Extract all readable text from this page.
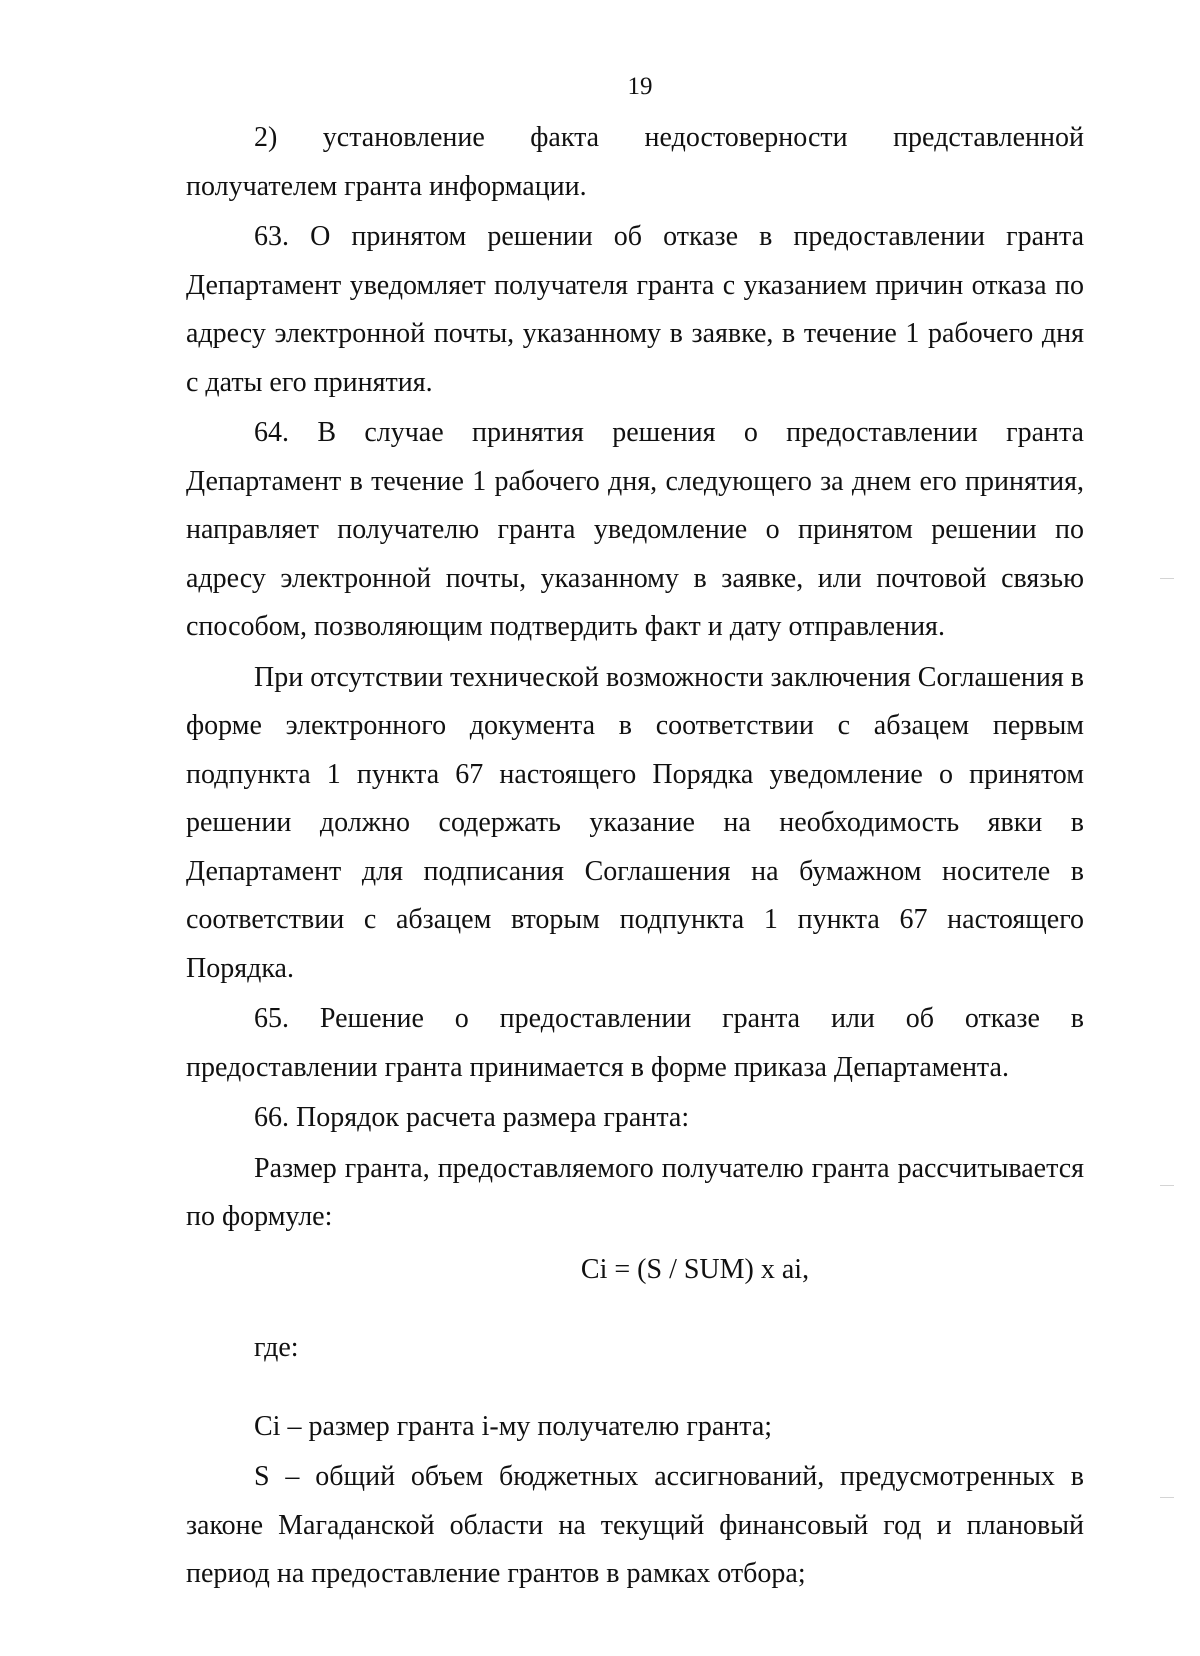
19

2) установление факта недостоверности представленной получателем гранта информации.

63. О принятом решении об отказе в предоставлении гранта Департамент уведомляет получателя гранта с указанием причин отказа по адресу электронной почты, указанному в заявке, в течение 1 рабочего дня с даты его принятия.

64. В случае принятия решения о предоставлении гранта Департамент в течение 1 рабочего дня, следующего за днем его принятия, направляет получателю гранта уведомление о принятом решении по адресу электронной почты, указанному в заявке, или почтовой связью способом, позволяющим подтвердить факт и дату отправления.

При отсутствии технической возможности заключения Соглашения в форме электронного документа в соответствии с абзацем первым подпункта 1 пункта 67 настоящего Порядка уведомление о принятом решении должно содержать указание на необходимость явки в Департамент для подписания Соглашения на бумажном носителе в соответствии с абзацем вторым подпункта 1 пункта 67 настоящего Порядка.

65. Решение о предоставлении гранта или об отказе в предоставлении гранта принимается в форме приказа Департамента.

66. Порядок расчета размера гранта:

Размер гранта, предоставляемого получателю гранта рассчитывается по формуле:

Ci = (S / SUM) x ai,

где:

Ci – размер гранта i-му получателю гранта;

S – общий объем бюджетных ассигнований, предусмотренных в законе Магаданской области на текущий финансовый год и плановый период на предоставление грантов в рамках отбора;
